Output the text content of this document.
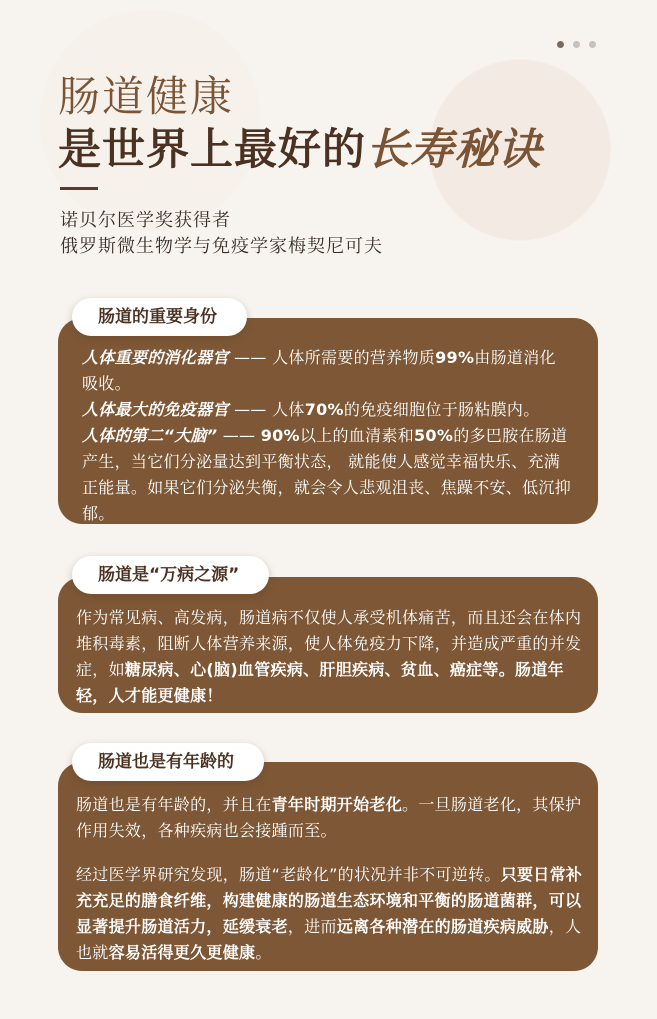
肠道健康
是世界上最好的长寿秘诀
诺贝尔医学奖获得者
俄罗斯微生物学与免疫学家梅契尼可夫

人体重要的消化器官 —— 人体所需要的营养物质99%由肠道消化吸收。
人体最大的免疫器官 —— 人体70%的免疫细胞位于肠粘膜内。
人体的第二“大脑” —— 90%以上的血清素和50%的多巴胺在肠道产生，当它们分泌量达到平衡状态， 就能使人感觉幸福快乐、充满正能量。如果它们分泌失衡，就会令人悲观沮丧、焦躁不安、低沉抑郁。

肠道的重要身份

作为常见病、高发病，肠道病不仅使人承受机体痛苦，而且还会在体内堆积毒素，阻断人体营养来源，使人体免疫力下降，并造成严重的并发症，如糖尿病、心(脑)血管疾病、肝胆疾病、贫血、癌症等。肠道年轻，人才能更健康！

肠道是“万病之源”

肠道也是有年龄的，并且在青年时期开始老化。一旦肠道老化，其保护作用失效，各种疾病也会接踵而至。

经过医学界研究发现，肠道“老龄化”的状况并非不可逆转。只要日常补充充足的膳食纤维，构建健康的肠道生态环境和平衡的肠道菌群，可以显著提升肠道活力，延缓衰老，进而远离各种潜在的肠道疾病威胁，人也就容易活得更久更健康。

肠道也是有年龄的
